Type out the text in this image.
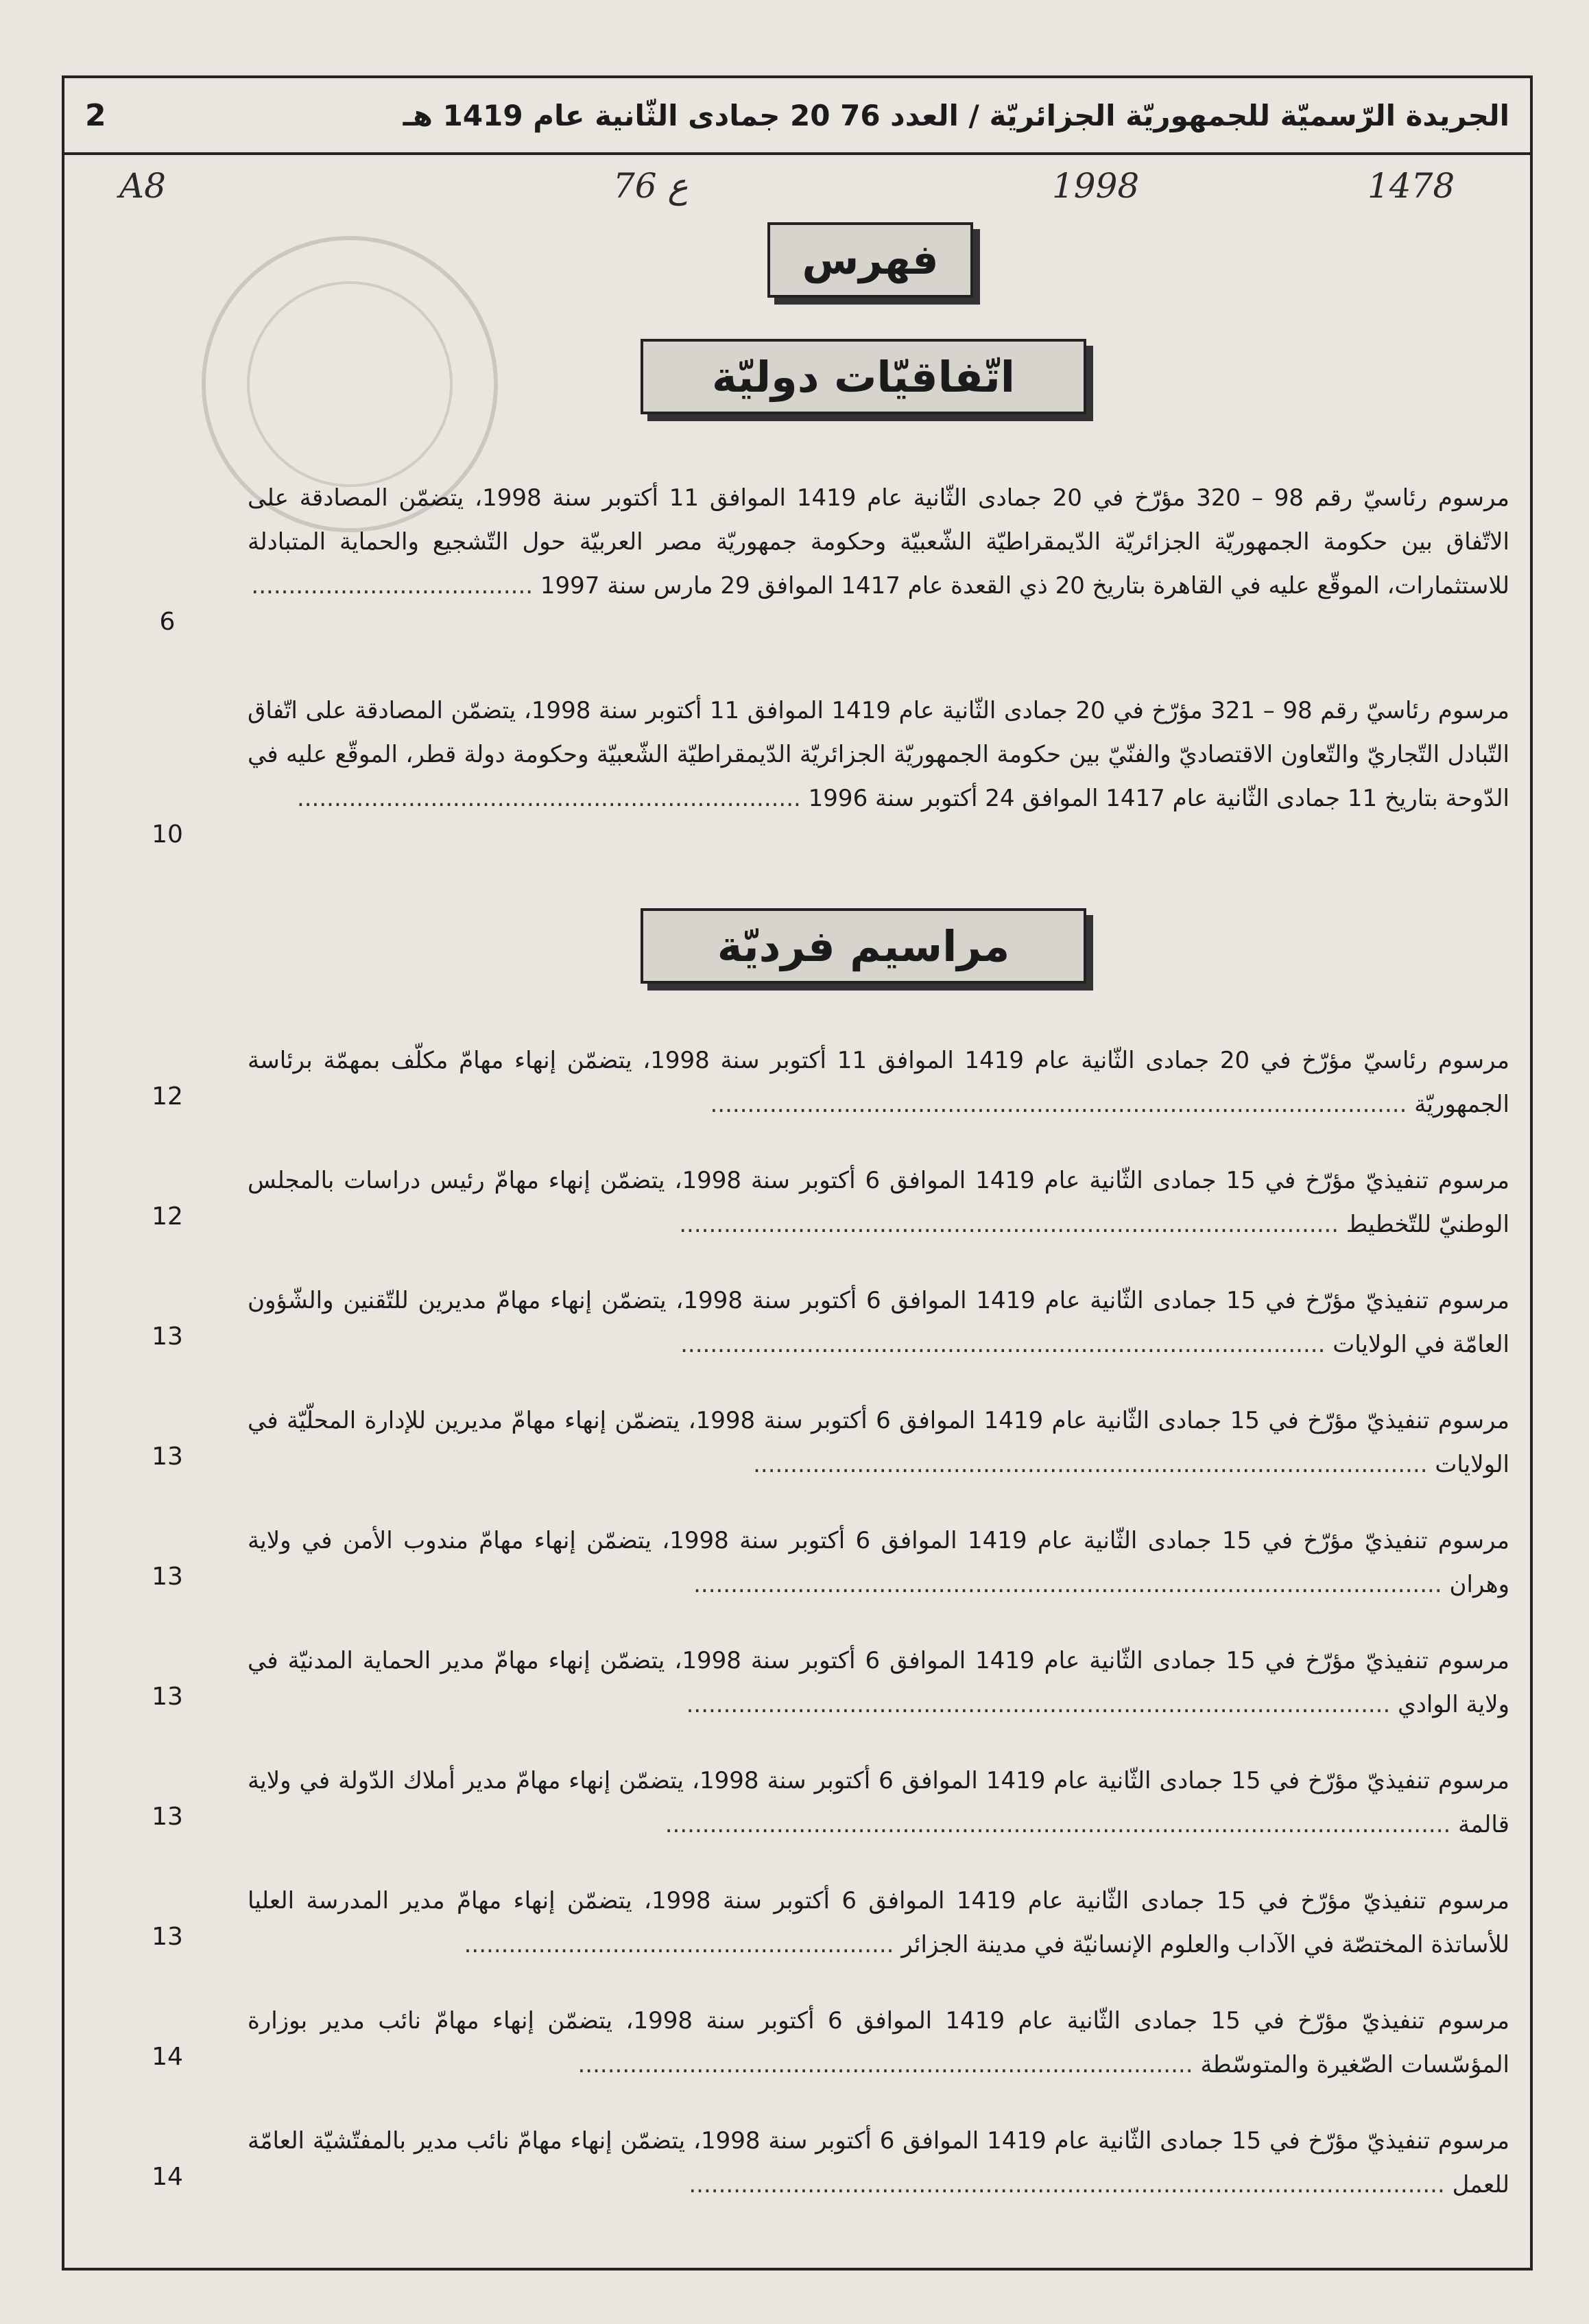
الجريدة الرّسميّة للجمهوريّة الجزائريّة / العدد 76 20 جمادى الثّانية عام 1419 هـ
2
A8	76 ع	1998	1478
فهرس
اتّفاقيّات دوليّة
مراسيم فرديّة
مرسوم رئاسيّ رقم 98 – 320 مؤرّخ في 20 جمادى الثّانية عام 1419 الموافق 11 أكتوبر سنة 1998، يتضمّن المصادقة على الاتّفاق بين حكومة الجمهوريّة الجزائريّة الدّيمقراطيّة الشّعبيّة وحكومة جمهوريّة مصر العربيّة حول التّشجيع والحماية المتبادلة للاستثمارات، الموقّع عليه في القاهرة بتاريخ 20 ذي القعدة عام 1417 الموافق 29 مارس سنة 1997 ......................................
6
مرسوم رئاسيّ رقم 98 – 321 مؤرّخ في 20 جمادى الثّانية عام 1419 الموافق 11 أكتوبر سنة 1998، يتضمّن المصادقة على اتّفاق التّبادل التّجاريّ والتّعاون الاقتصاديّ والفنّيّ بين حكومة الجمهوريّة الجزائريّة الدّيمقراطيّة الشّعبيّة وحكومة دولة قطر، الموقّع عليه في الدّوحة بتاريخ 11 جمادى الثّانية عام 1417 الموافق 24 أكتوبر سنة 1996 ....................................................................
10
مرسوم رئاسيّ مؤرّخ في 20 جمادى الثّانية عام 1419 الموافق 11 أكتوبر سنة 1998، يتضمّن إنهاء مهامّ مكلّف بمهمّة برئاسة الجمهوريّة ..............................................................................................
12
مرسوم تنفيذيّ مؤرّخ في 15 جمادى الثّانية عام 1419 الموافق 6 أكتوبر سنة 1998، يتضمّن إنهاء مهامّ رئيس دراسات بالمجلس الوطنيّ للتّخطيط .........................................................................................
12
مرسوم تنفيذيّ مؤرّخ في 15 جمادى الثّانية عام 1419 الموافق 6 أكتوبر سنة 1998، يتضمّن إنهاء مهامّ مديرين للتّقنين والشّؤون العامّة في الولايات .......................................................................................
13
مرسوم تنفيذيّ مؤرّخ في 15 جمادى الثّانية عام 1419 الموافق 6 أكتوبر سنة 1998، يتضمّن إنهاء مهامّ مديرين للإدارة المحلّيّة في الولايات ...........................................................................................
13
مرسوم تنفيذيّ مؤرّخ في 15 جمادى الثّانية عام 1419 الموافق 6 أكتوبر سنة 1998، يتضمّن إنهاء مهامّ مندوب الأمن في ولاية وهران .....................................................................................................
13
مرسوم تنفيذيّ مؤرّخ في 15 جمادى الثّانية عام 1419 الموافق 6 أكتوبر سنة 1998، يتضمّن إنهاء مهامّ مدير الحماية المدنيّة في ولاية الوادي ...............................................................................................
13
مرسوم تنفيذيّ مؤرّخ في 15 جمادى الثّانية عام 1419 الموافق 6 أكتوبر سنة 1998، يتضمّن إنهاء مهامّ مدير أملاك الدّولة في ولاية قالمة ..........................................................................................................
13
مرسوم تنفيذيّ مؤرّخ في 15 جمادى الثّانية عام 1419 الموافق 6 أكتوبر سنة 1998، يتضمّن إنهاء مهامّ مدير المدرسة العليا للأساتذة المختصّة في الآداب والعلوم الإنسانيّة في مدينة الجزائر ..........................................................
13
مرسوم تنفيذيّ مؤرّخ في 15 جمادى الثّانية عام 1419 الموافق 6 أكتوبر سنة 1998، يتضمّن إنهاء مهامّ نائب مدير بوزارة المؤسّسات الصّغيرة والمتوسّطة ...................................................................................
14
مرسوم تنفيذيّ مؤرّخ في 15 جمادى الثّانية عام 1419 الموافق 6 أكتوبر سنة 1998، يتضمّن إنهاء مهامّ نائب مدير بالمفتّشيّة العامّة للعمل ......................................................................................................
14
